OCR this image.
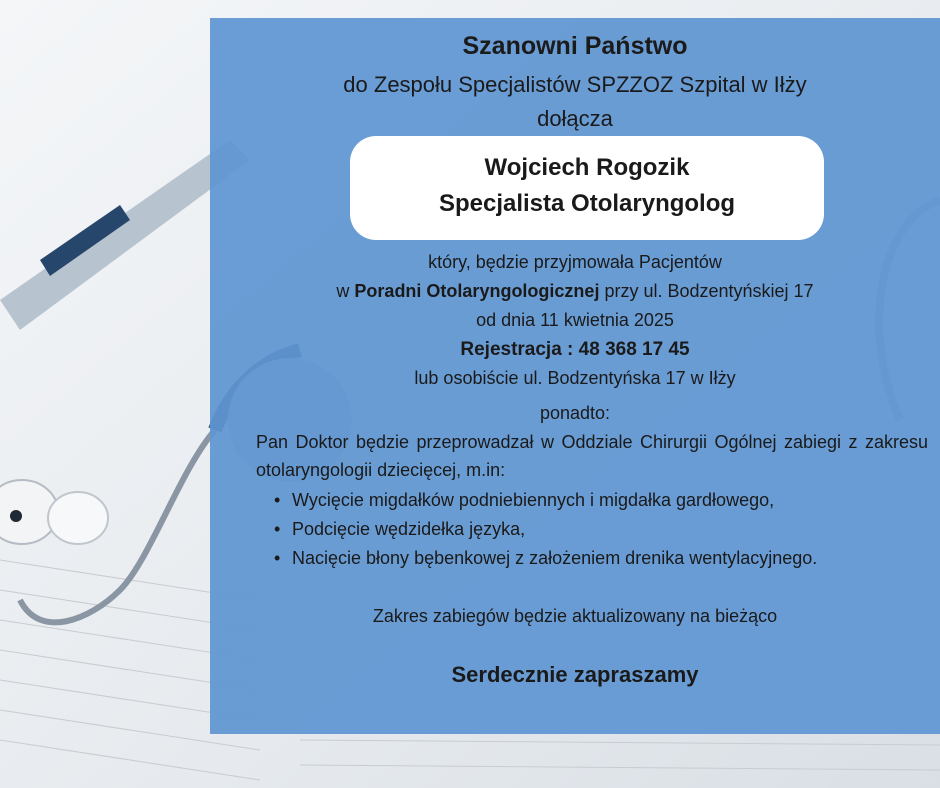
Szanowni Państwo
do Zespołu Specjalistów SPZZOZ Szpital w Iłży
dołącza
Wojciech Rogozik
Specjalista Otolaryngolog
który, będzie przyjmowała Pacjentów
w Poradni Otolaryngologicznej przy ul. Bodzentyńskiej 17
od dnia 11 kwietnia 2025
Rejestracja : 48 368 17 45
lub osobiście ul. Bodzentyńska 17 w Iłży
ponadto:
Pan Doktor będzie przeprowadzał w Oddziale Chirurgii Ogólnej zabiegi z zakresu otolaryngologii dziecięcej, m.in:
• Wycięcie migdałków podniebiennych i migdałka gardłowego,
• Podcięcie wędzidełka języka,
• Nacięcie błony bębenkowej z założeniem drenika wentylacyjnego.
Zakres zabiegów będzie aktualizowany na bieżąco
Serdecznie zapraszamy
